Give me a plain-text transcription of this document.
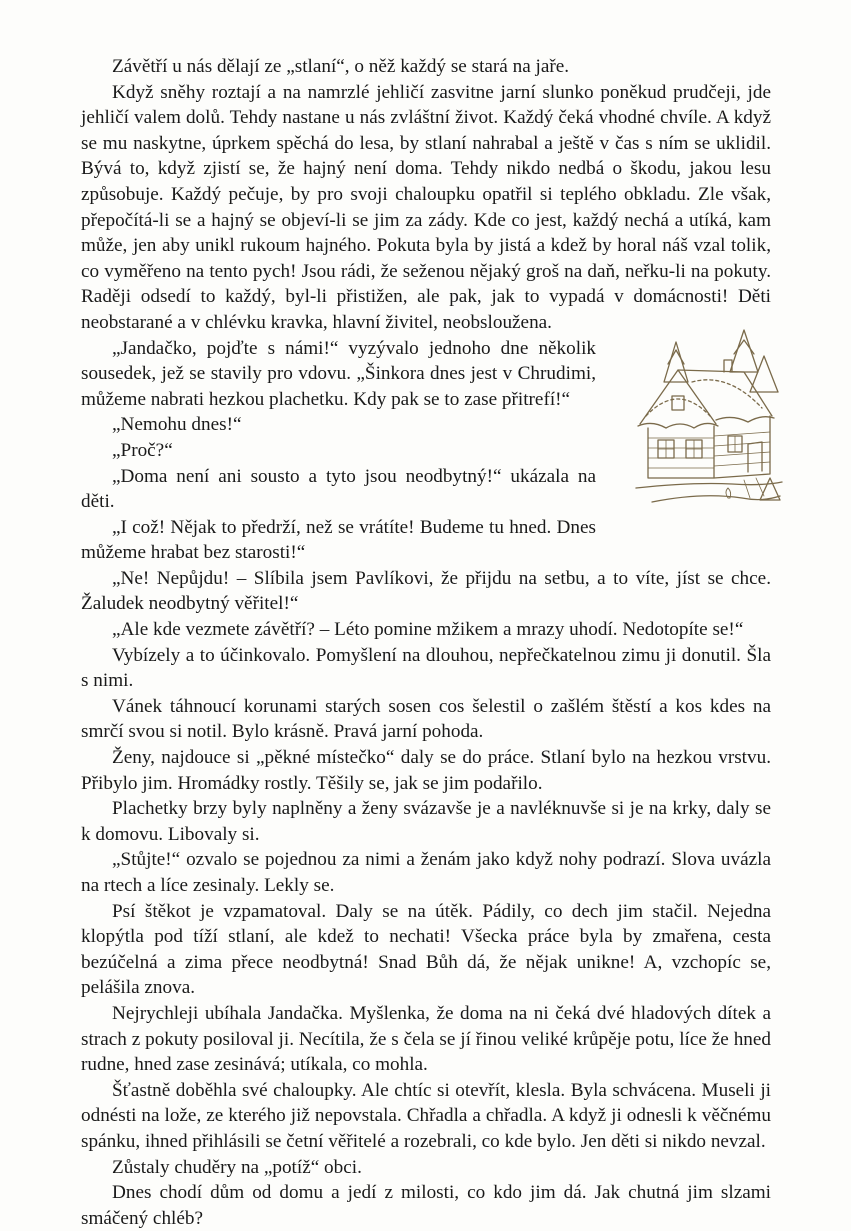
Závětří u nás dělají ze „stlaní“, o něž každý se stará na jaře.

Když sněhy roztají a na namrzlé jehličí zasvitne jarní slunko poněkud prudčeji, jde jehličí valem dolů. Tehdy nastane u nás zvláštní život. Každý čeká vhodné chvíle. A když se mu naskytne, úprkem spěchá do lesa, by stlaní nahrabal a ještě v čas s ním se uklidil. Bývá to, když zjistí se, že hajný není doma. Tehdy nikdo nedbá o škodu, jakou lesu způsobuje. Každý pečuje, by pro svoji chaloupku opatřil si teplého obkladu. Zle však, přepočítá-li se a hajný se objeví-li se jim za zády. Kde co jest, každý nechá a utíká, kam může, jen aby unikl rukoum hajného. Pokuta byla by jistá a kdež by horal náš vzal tolik, co vyměřeno na tento pych! Jsou rádi, že seženou nějaký groš na daň, neřku-li na pokuty. Raději odsedí to každý, byl-li přistižen, ale pak, jak to vypadá v domácnosti! Děti neobstarané a v chlévku kravka, hlavní živitel, neobsloužena.

„Jandačko, pojďte s námi!“ vyzývalo jednoho dne několik sousedek, jež se stavily pro vdovu. „Šinkora dnes jest v Chrudimi, můžeme nabrati hezkou plachetku. Kdy pak se to zase přitrefí!“

„Nemohu dnes!“

„Proč?“

„Doma není ani sousto a tyto jsou neodbytný!“ ukázala na děti.

„I což! Nějak to předrží, než se vrátíte! Budeme tu hned. Dnes můžeme hrabat bez starosti!“

„Ne! Nepůjdu! – Slíbila jsem Pavlíkovi, že přijdu na setbu, a to víte, jíst se chce. Žaludek neodbytný věřitel!“

„Ale kde vezmete závětří? – Léto pomine mžikem a mrazy uhodí. Nedotopíte se!“

Vybízely a to účinkovalo. Pomyšlení na dlouhou, nepřečkatelnou zimu ji donutil. Šla s nimi.

Vánek táhnoucí korunami starých sosen cos šelestil o zašlém štěstí a kos kdes na smrčí svou si notil. Bylo krásně. Pravá jarní pohoda.

Ženy, najdouce si „pěkné místečko“ daly se do práce. Stlaní bylo na hezkou vrstvu. Přibylo jim. Hromádky rostly. Těšily se, jak se jim podařilo.

Plachetky brzy byly naplněny a ženy svázavše je a navléknuvše si je na krky, daly se k domovu. Libovaly si.

„Stůjte!“ ozvalo se pojednou za nimi a ženám jako když nohy podrazí. Slova uvázla na rtech a líce zesinaly. Lekly se.

Psí štěkot je vzpamatoval. Daly se na útěk. Pádily, co dech jim stačil. Nejedna klopýtla pod tíží stlaní, ale kdež to nechati! Všecka práce byla by zmařena, cesta bezúčelná a zima přece neodbytná! Snad Bůh dá, že nějak unikne! A, vzchopíc se, pelášila znova.

Nejrychleji ubíhala Jandačka. Myšlenka, že doma na ni čeká dvé hladových dítek a strach z pokuty posiloval ji. Necítila, že s čela se jí řinou veliké krůpěje potu, líce že hned rudne, hned zase zesinává; utíkala, co mohla.

Šťastně doběhla své chaloupky. Ale chtíc si otevřít, klesla. Byla schvácena. Museli ji odnésti na lože, ze kterého již nepovstala. Chřadla a chřadla. A když ji odnesli k věčnému spánku, ihned přihlásili se četní věřitelé a rozebrali, co kde bylo. Jen děti si nikdo nevzal.

Zůstaly chuděry na „potíž“ obci.

Dnes chodí dům od domu a jedí z milosti, co kdo jim dá. Jak chutná jim slzami smáčený chléb?
